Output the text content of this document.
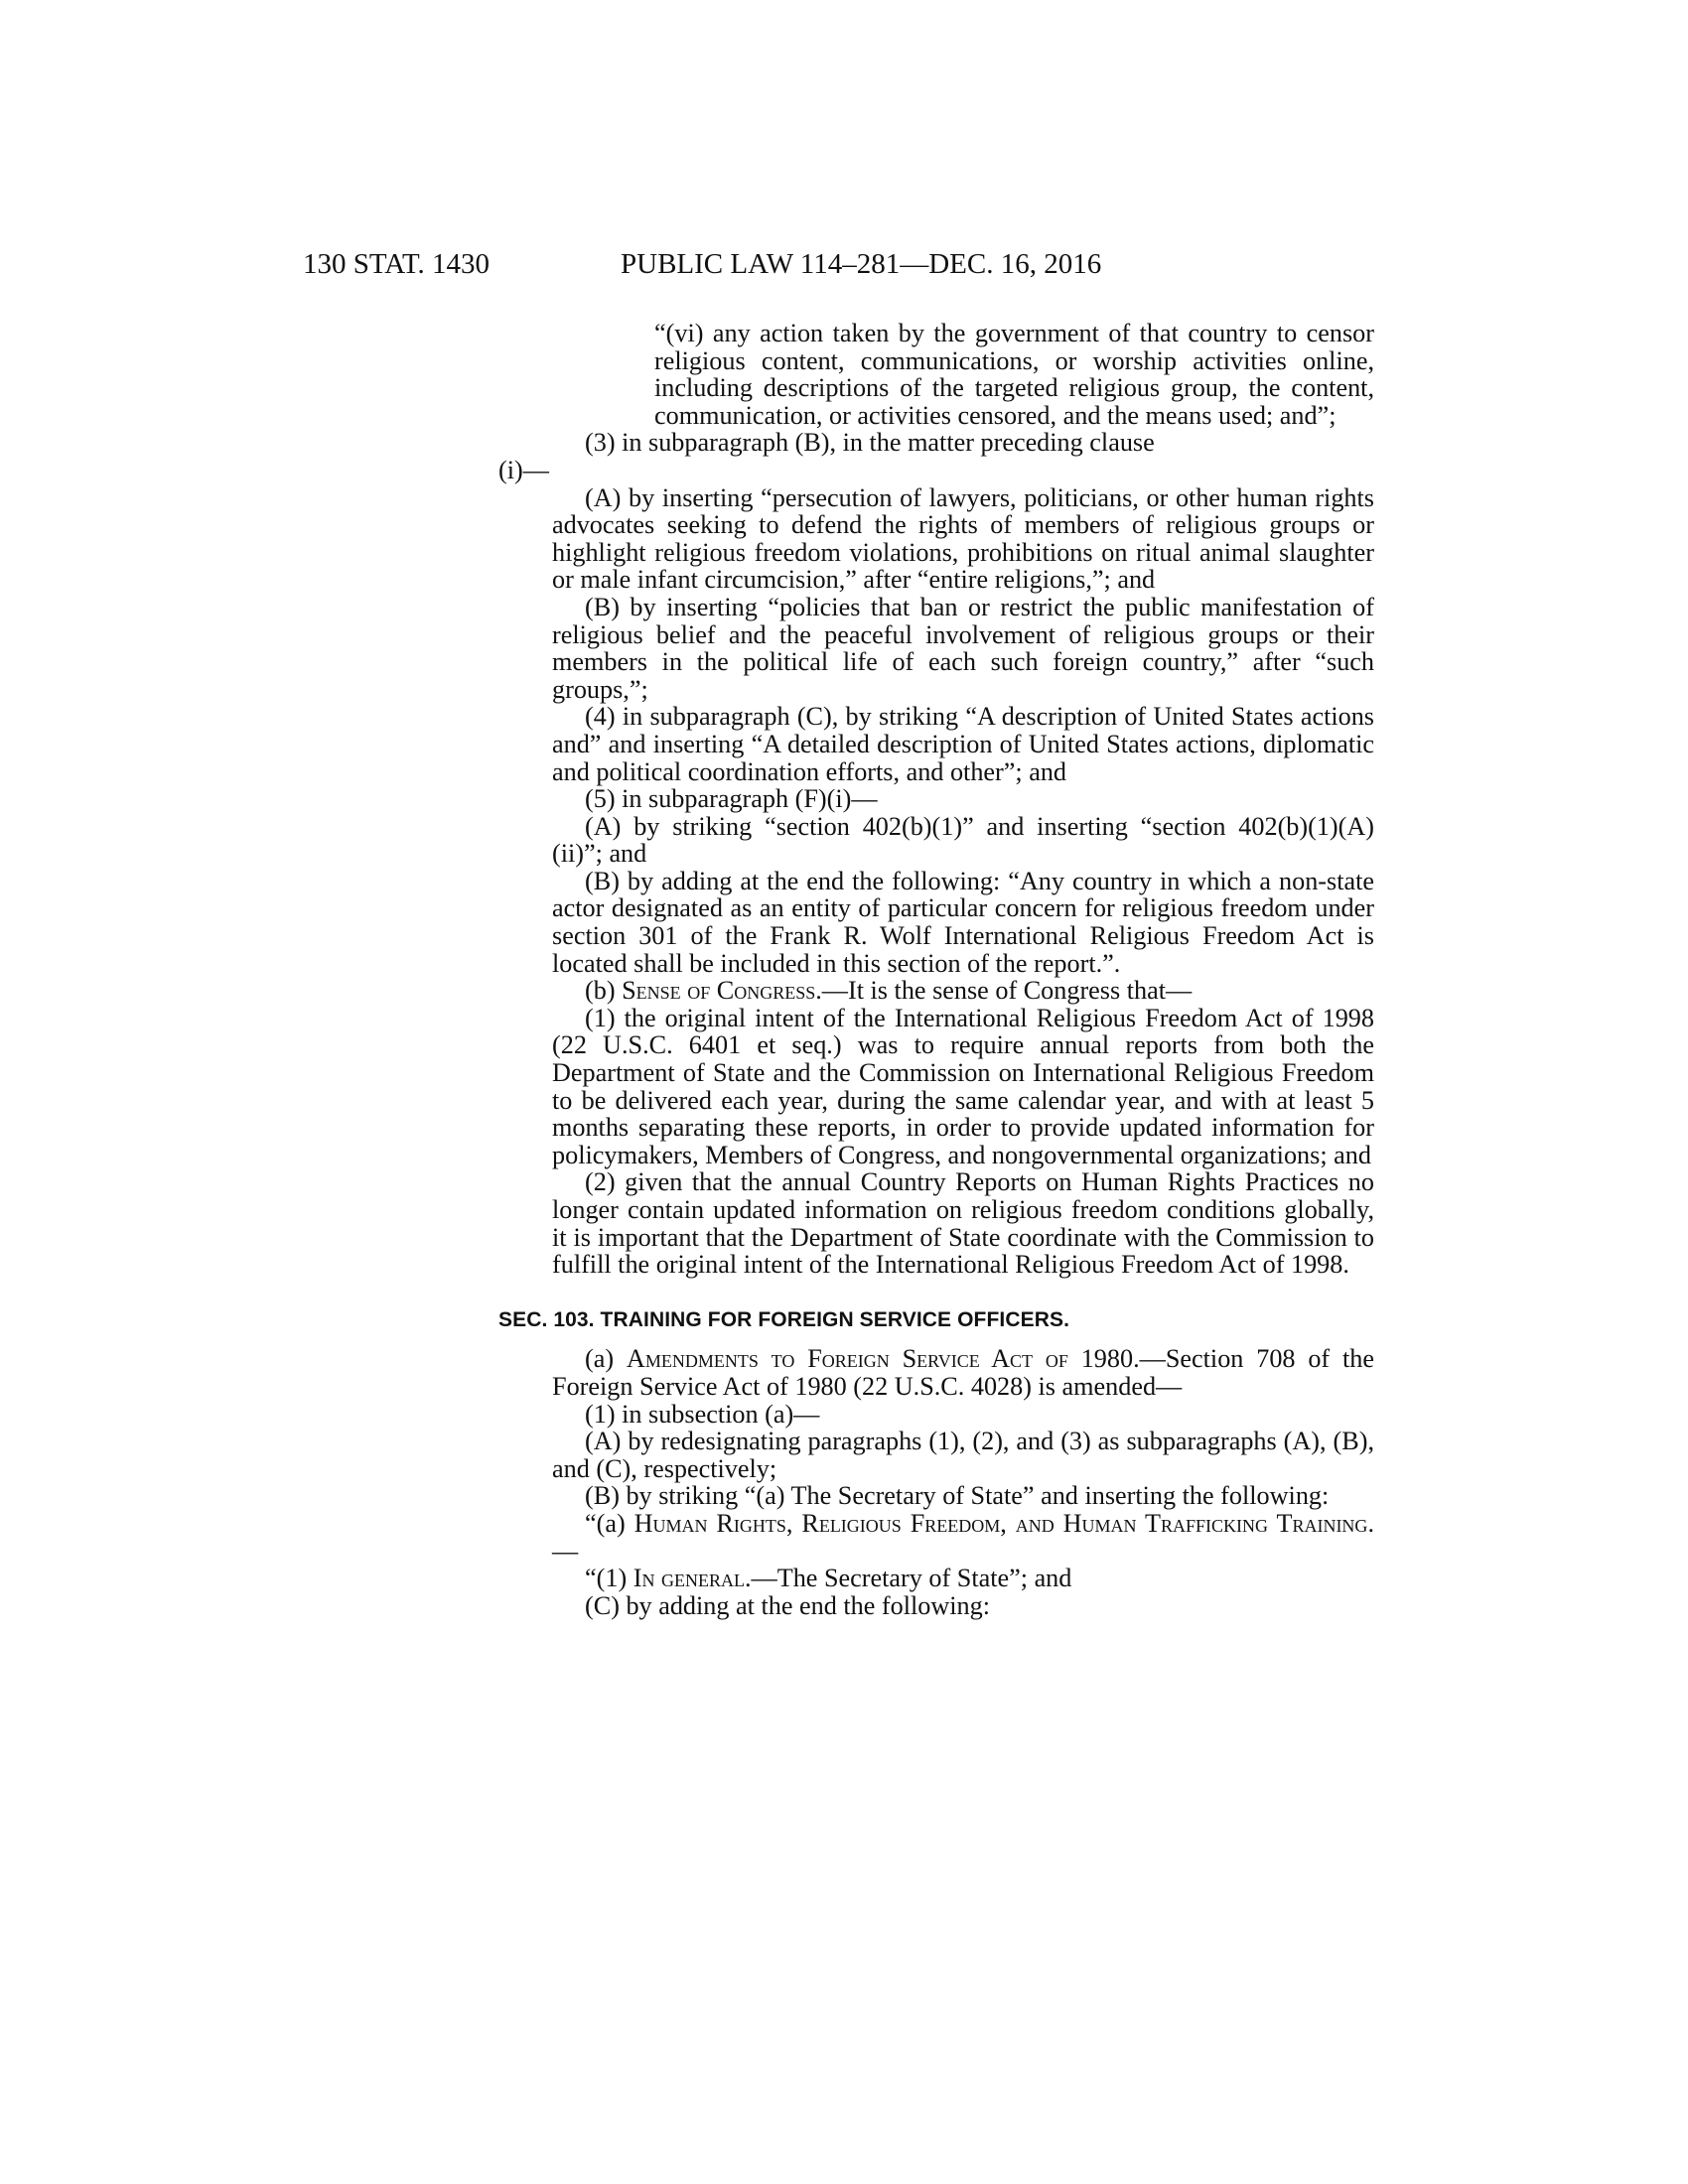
130 STAT. 1430	PUBLIC LAW 114–281—DEC. 16, 2016

“(vi) any action taken by the government of that country to censor religious content, communications, or worship activities online, including descriptions of the targeted religious group, the content, communication, or activities censored, and the means used; and”;

(3) in subparagraph (B), in the matter preceding clause

(i)—

(A) by inserting “persecution of lawyers, politicians, or other human rights advocates seeking to defend the rights of members of religious groups or highlight religious freedom violations, prohibitions on ritual animal slaughter or male infant circumcision,” after “entire religions,”; and

(B) by inserting “policies that ban or restrict the public manifestation of religious belief and the peaceful involvement of religious groups or their members in the political life of each such foreign country,” after “such groups,”;

(4) in subparagraph (C), by striking “A description of United States actions and” and inserting “A detailed description of United States actions, diplomatic and political coordination efforts, and other”; and

(5) in subparagraph (F)(i)—

(A) by striking “section 402(b)(1)” and inserting “section 402(b)(1)(A)(ii)”; and

(B) by adding at the end the following: “Any country in which a non-state actor designated as an entity of particular concern for religious freedom under section 301 of the Frank R. Wolf International Religious Freedom Act is located shall be included in this section of the report.”.

(b) Sense of Congress.—It is the sense of Congress that—

(1) the original intent of the International Religious Freedom Act of 1998 (22 U.S.C. 6401 et seq.) was to require annual reports from both the Department of State and the Commission on International Religious Freedom to be delivered each year, during the same calendar year, and with at least 5 months separating these reports, in order to provide updated information for policymakers, Members of Congress, and nongovernmental organizations; and

(2) given that the annual Country Reports on Human Rights Practices no longer contain updated information on religious freedom conditions globally, it is important that the Department of State coordinate with the Commission to fulfill the original intent of the International Religious Freedom Act of 1998.

SEC. 103. TRAINING FOR FOREIGN SERVICE OFFICERS.

(a) Amendments to Foreign Service Act of 1980.—Section 708 of the Foreign Service Act of 1980 (22 U.S.C. 4028) is amended—

(1) in subsection (a)—

(A) by redesignating paragraphs (1), (2), and (3) as subparagraphs (A), (B), and (C), respectively;

(B) by striking “(a) The Secretary of State” and inserting the following:

“(a) Human Rights, Religious Freedom, and Human Trafficking Training.—

“(1) In general.—The Secretary of State”; and

(C) by adding at the end the following:
